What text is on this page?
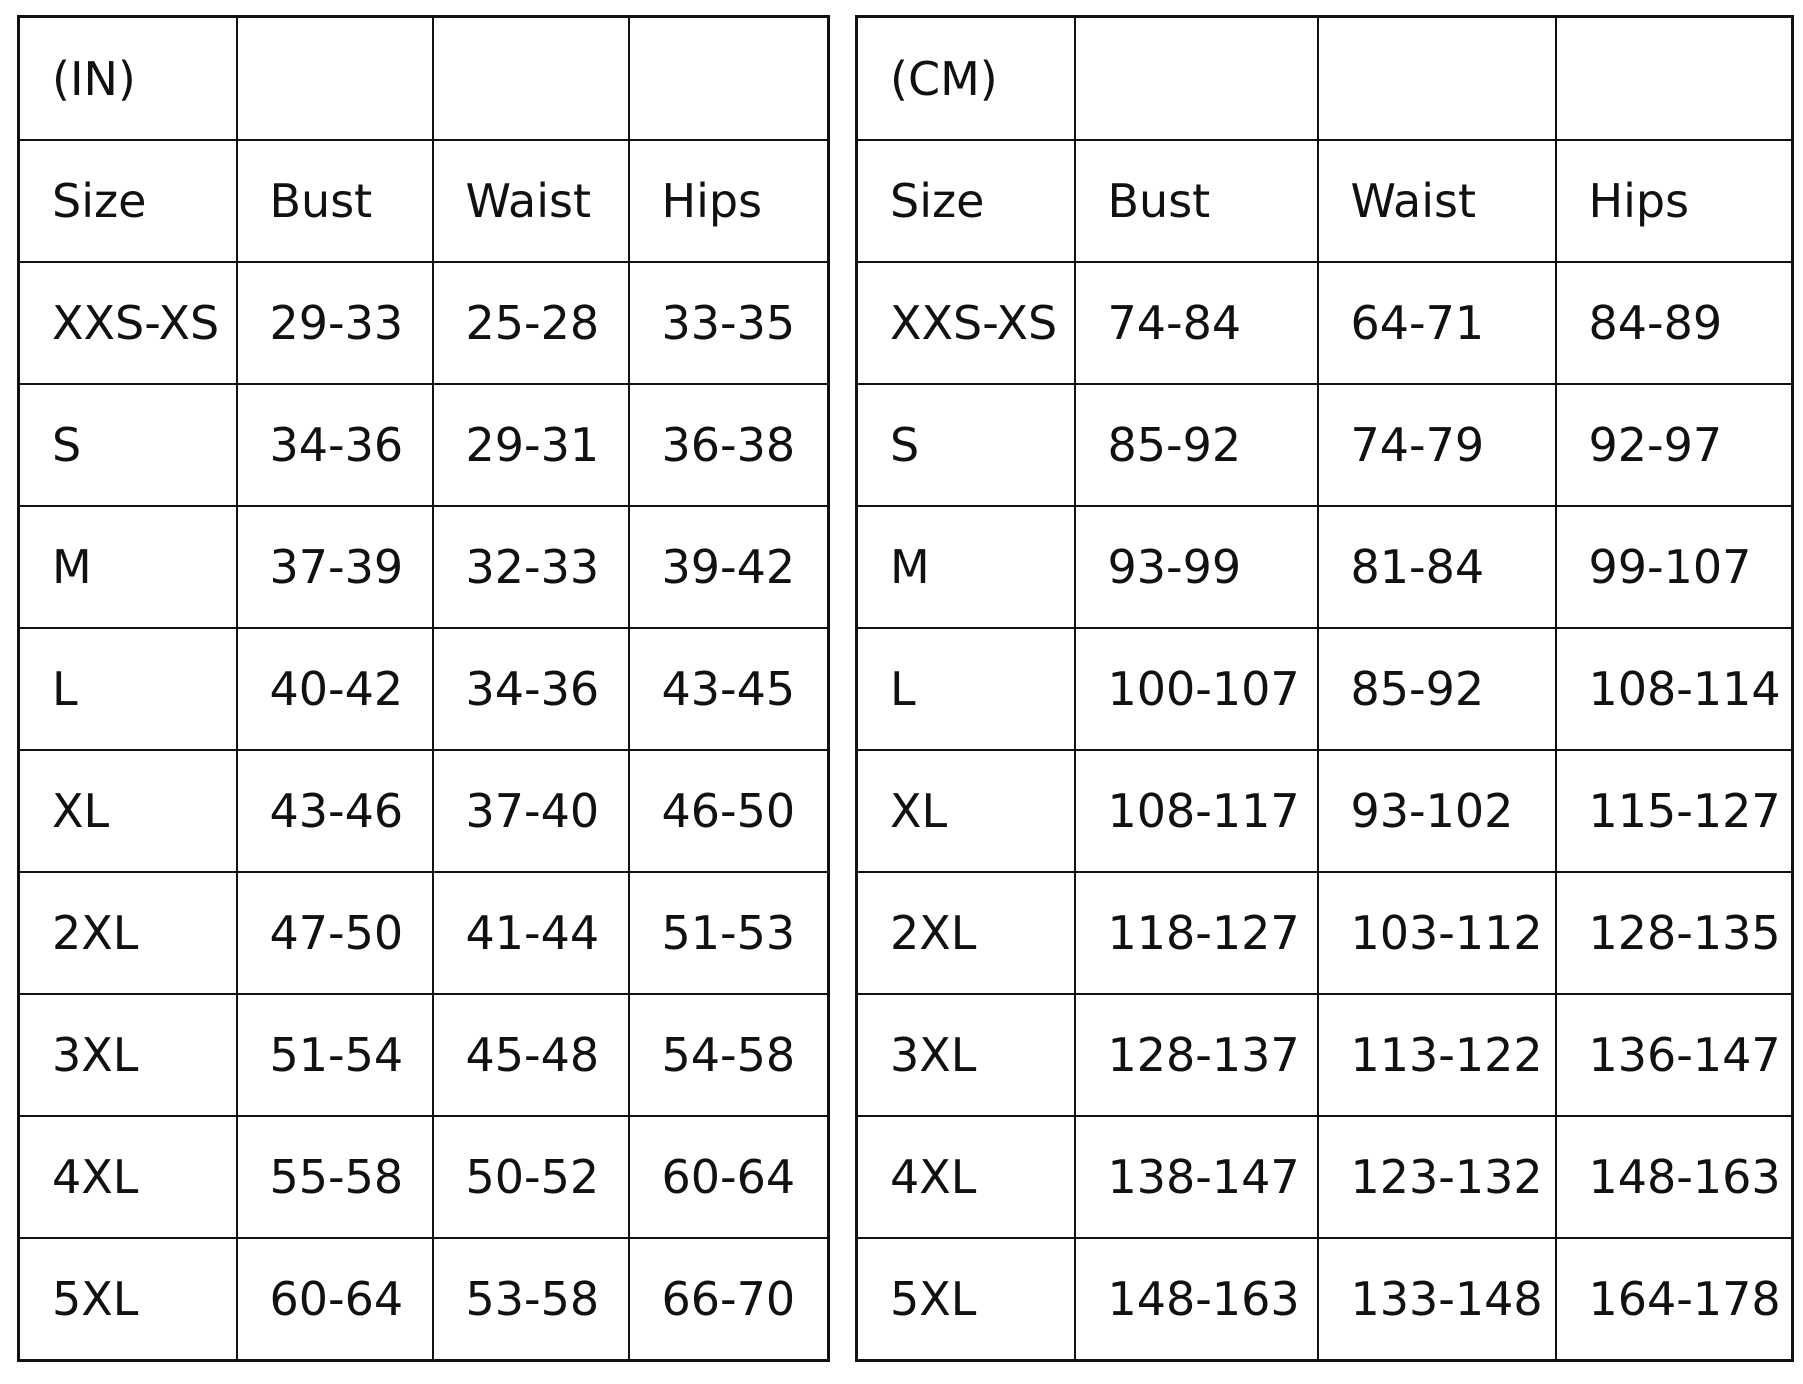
(IN)			
Size	Bust	Waist	Hips
XXS-XS	29-33	25-28	33-35
S	34-36	29-31	36-38
M	37-39	32-33	39-42
L	40-42	34-36	43-45
XL	43-46	37-40	46-50
2XL	47-50	41-44	51-53
3XL	51-54	45-48	54-58
4XL	55-58	50-52	60-64
5XL	60-64	53-58	66-70
(CM)			
Size	Bust	Waist	Hips
XXS-XS	74-84	64-71	84-89
S	85-92	74-79	92-97
M	93-99	81-84	99-107
L	100-107	85-92	108-114
XL	108-117	93-102	115-127
2XL	118-127	103-112	128-135
3XL	128-137	113-122	136-147
4XL	138-147	123-132	148-163
5XL	148-163	133-148	164-178
